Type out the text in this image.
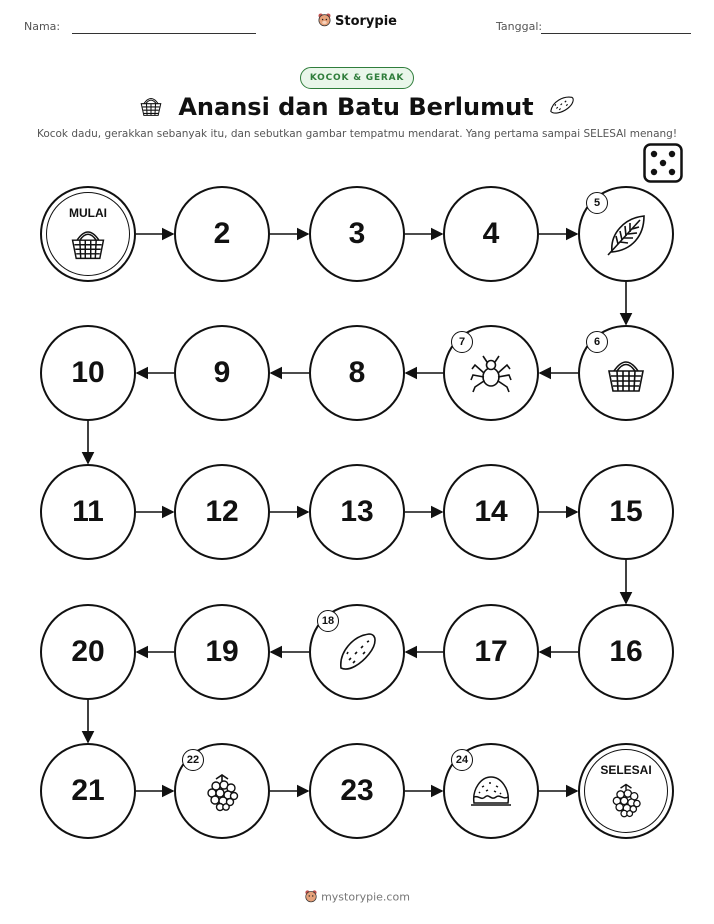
Nama:	Tanggal:
Storypie
KOCOK & GERAK
Anansi dan Batu Berlumut
Kocok dadu, gerakkan sebanyak itu, dan sebutkan gambar tempatmu mendarat. Yang pertama sampai SELESAI menang!
MULAI
2	3	4
5
6
7
8
9
10
11	12	13	14	15
16
17
18
19
20
21
22
23
24
SELESAI
mystorypie.com
